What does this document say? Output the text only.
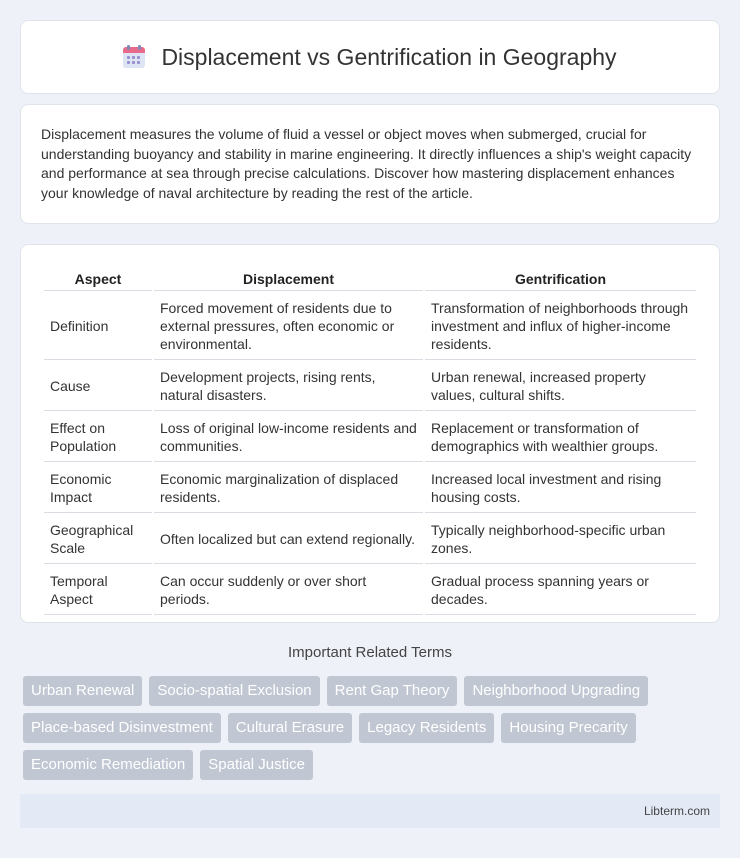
Displacement vs Gentrification in Geography

Displacement measures the volume of fluid a vessel or object moves when submerged, crucial for understanding buoyancy and stability in marine engineering. It directly influences a ship's weight capacity and performance at sea through precise calculations. Discover how mastering displacement enhances your knowledge of naval architecture by reading the rest of the article.

Aspect	Displacement	Gentrification
Definition	Forced movement of residents due to external pressures, often economic or environmental.	Transformation of neighborhoods through investment and influx of higher-income residents.
Cause	Development projects, rising rents, natural disasters.	Urban renewal, increased property values, cultural shifts.
Effect on Population	Loss of original low-income residents and communities.	Replacement or transformation of demographics with wealthier groups.
Economic Impact	Economic marginalization of displaced residents.	Increased local investment and rising housing costs.
Geographical Scale	Often localized but can extend regionally.	Typically neighborhood-specific urban zones.
Temporal Aspect	Can occur suddenly or over short periods.	Gradual process spanning years or decades.
Important Related Terms
Urban Renewal	Socio-spatial Exclusion	Rent Gap Theory	Neighborhood Upgrading
Place-based Disinvestment	Cultural Erasure	Legacy Residents	Housing Precarity
Economic Remediation	Spatial Justice
Libterm.com
